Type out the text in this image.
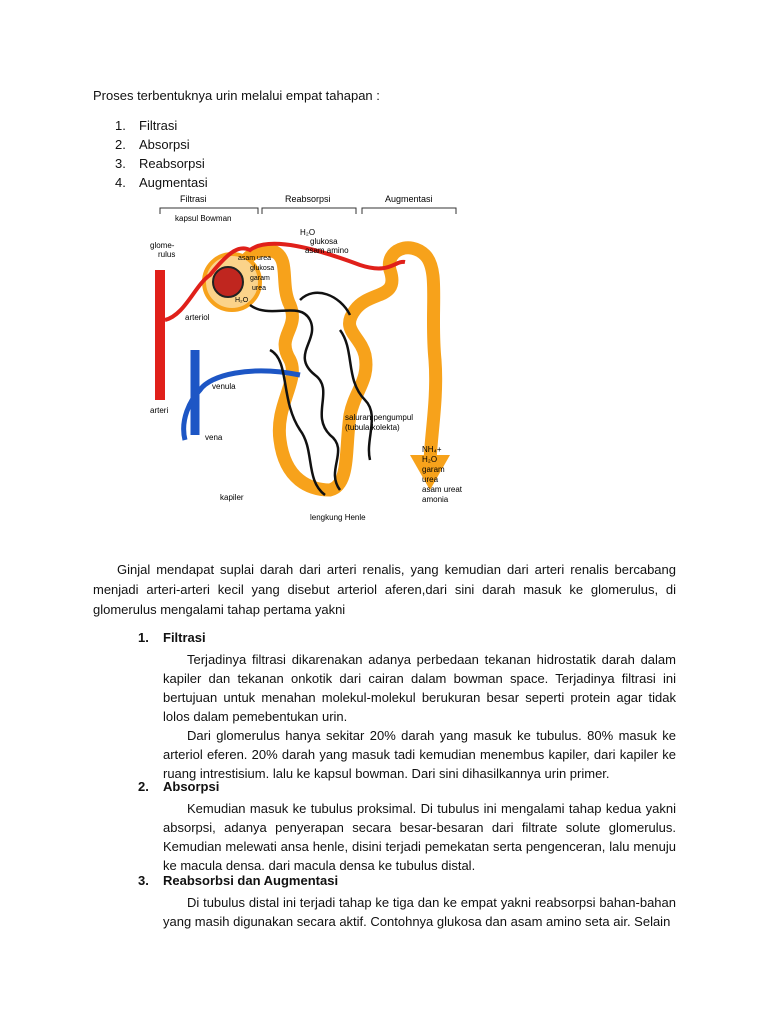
Proses terbentuknya urin melalui empat tahapan :
1.	Filtrasi
2.	Absorpsi
3.	Reabsorpsi
4.	Augmentasi
Filtrasi	Reabsorpsi	Augmentasi
kapsul Bowman
glome-
rulus
arteriol
venula
arteri
vena
kapiler
lengkung Henle
saluran pengumpul
(tubula kolekta)
H₂O
glukosa
asam amino
asam urea
glukosa
garam
urea
H₂O
NH₄+
H₂O
garam
urea
asam ureat
amonia

Ginjal mendapat suplai darah dari arteri renalis, yang kemudian dari arteri renalis bercabang menjadi arteri-arteri kecil yang disebut arteriol aferen,dari sini darah masuk ke glomerulus, di glomerulus mengalami tahap pertama yakni

1.	Filtrasi
Terjadinya filtrasi dikarenakan adanya perbedaan tekanan hidrostatik darah dalam kapiler dan tekanan onkotik dari cairan dalam bowman space. Terjadinya filtrasi ini bertujuan untuk menahan molekul-molekul berukuran besar seperti protein agar tidak lolos dalam pemebentukan urin.
Dari glomerulus hanya sekitar 20% darah yang masuk ke tubulus. 80% masuk ke arteriol eferen. 20% darah yang masuk tadi kemudian menembus kapiler, dari kapiler ke ruang intrestisium. lalu ke kapsul bowman. Dari sini dihasilkannya urin primer.
2.	Absorpsi
Kemudian masuk ke tubulus proksimal. Di tubulus ini mengalami tahap kedua yakni absorpsi, adanya penyerapan secara besar-besaran dari filtrate solute glomerulus. Kemudian melewati ansa henle, disini terjadi pemekatan serta pengenceran, lalu menuju ke macula densa. dari macula densa ke tubulus distal.
3.	Reabsorbsi dan Augmentasi
Di tubulus distal ini terjadi tahap ke tiga dan ke empat yakni reabsorpsi bahan-bahan yang masih digunakan secara aktif. Contohnya glukosa dan asam amino seta air. Selain
